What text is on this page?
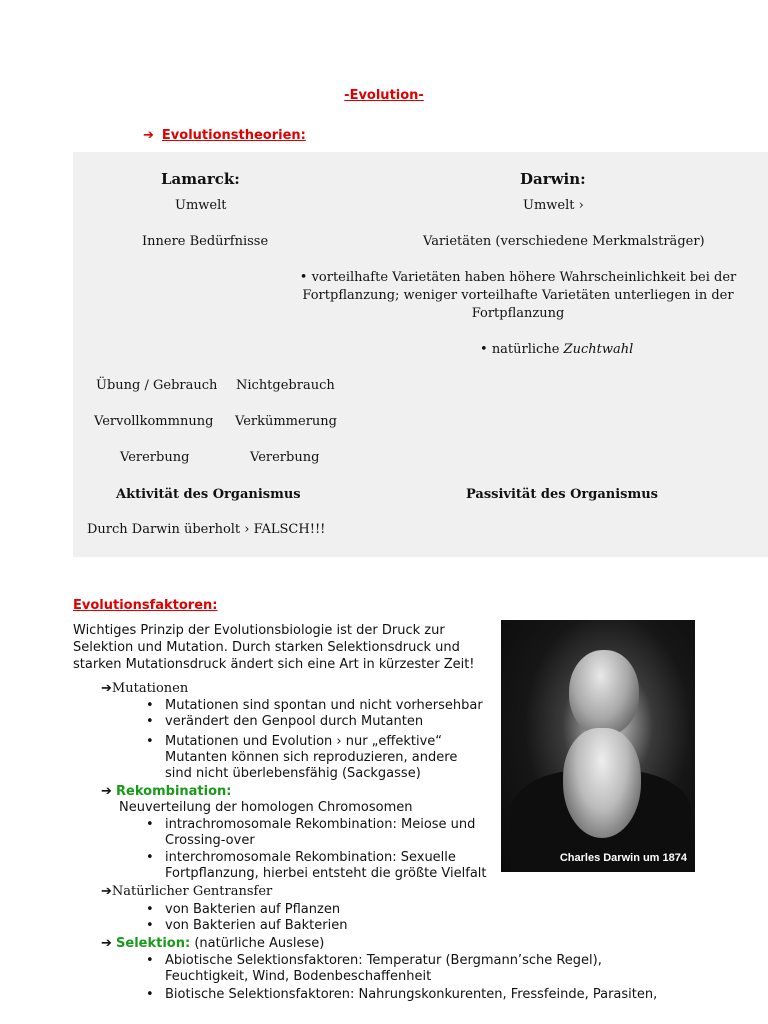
-Evolution-
➔ Evolutionstheorien:
Lamarck:	Darwin:
Umwelt	Umwelt ›
Innere Bedürfnisse	Varietäten (verschiedene Merkmalsträger)
• vorteilhafte Varietäten haben höhere Wahrscheinlichkeit bei der Fortpflanzung; weniger vorteilhafte Varietäten unterliegen in der Fortpflanzung
• natürliche Zuchtwahl
Übung / Gebrauch Nichtgebrauch
Vervollkommnung Verkümmerung
Vererbung	Vererbung
Aktivität des Organismus	Passivität des Organismus
Durch Darwin überholt › FALSCH!!!
Evolutionsfaktoren:
Wichtiges Prinzip der Evolutionsbiologie ist der Druck zur Selektion und Mutation. Durch starken Selektionsdruck und starken Mutationsdruck ändert sich eine Art in kürzester Zeit!
Charles Darwin um 1874
➔Mutationen
• Mutationen sind spontan und nicht vorhersehbar
• verändert den Genpool durch Mutanten
• Mutationen und Evolution › nur „effektive“
Mutanten können sich reproduzieren, andere
sind nicht überlebensfähig (Sackgasse)
➔ Rekombination:
Neuverteilung der homologen Chromosomen
• intrachromosomale Rekombination: Meiose und
Crossing-over
• interchromosomale Rekombination: Sexuelle
Fortpflanzung, hierbei entsteht die größte Vielfalt
➔Natürlicher Gentransfer
• von Bakterien auf Pflanzen
• von Bakterien auf Bakterien
➔ Selektion: (natürliche Auslese)
• Abiotische Selektionsfaktoren: Temperatur (Bergmann’sche Regel),
Feuchtigkeit, Wind, Bodenbeschaffenheit
• Biotische Selektionsfaktoren: Nahrungskonkurenten, Fressfeinde, Parasiten,
